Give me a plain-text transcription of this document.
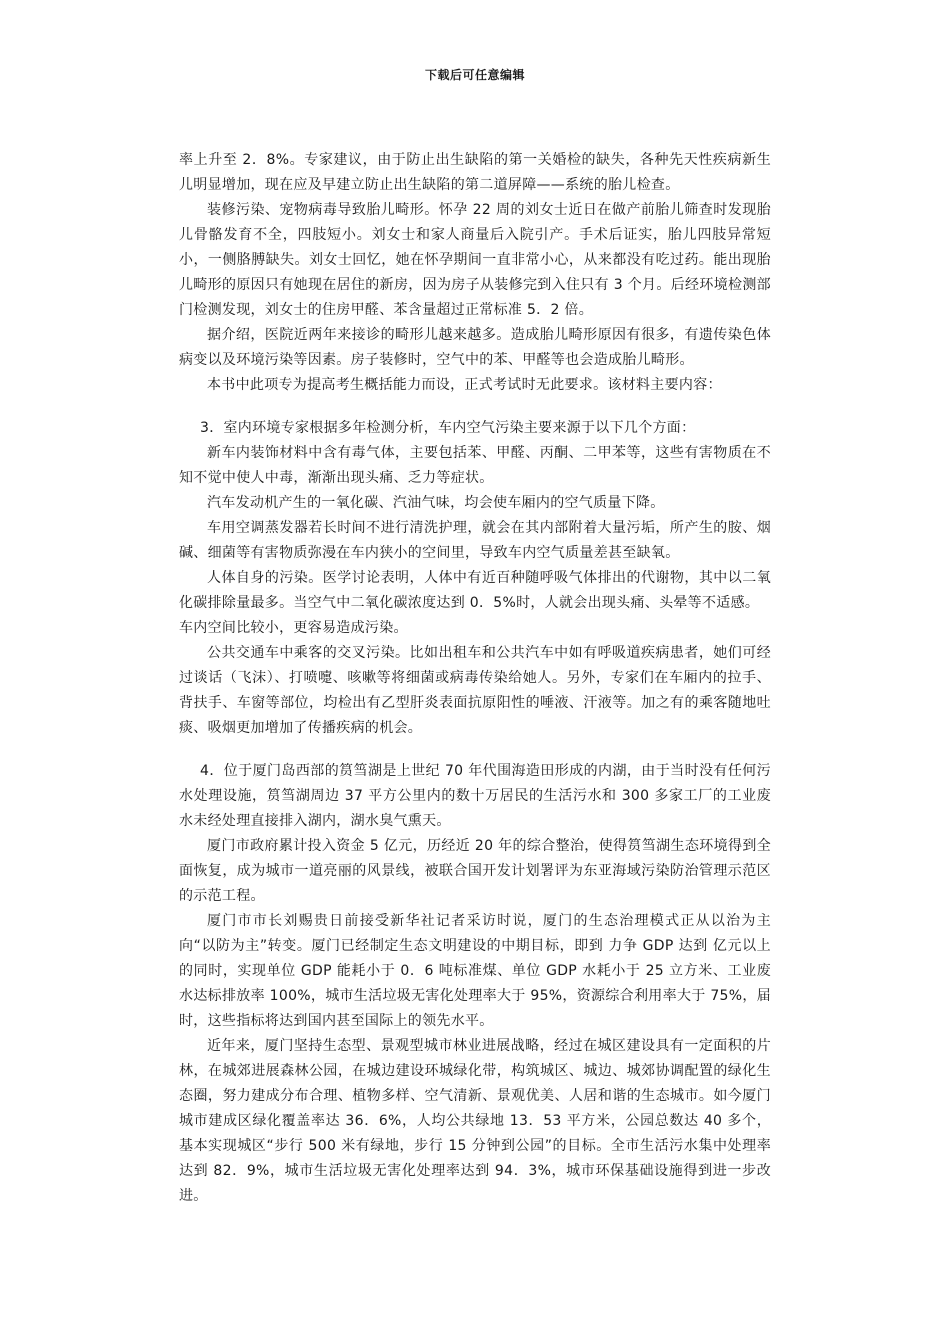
下载后可任意编辑

率上升至 2．8%。专家建议，由于防止出生缺陷的第一关婚检的缺失，各种先天性疾病新生儿明显增加，现在应及早建立防止出生缺陷的第二道屏障——系统的胎儿检查。

装修污染、宠物病毒导致胎儿畸形。怀孕 22 周的刘女士近日在做产前胎儿筛查时发现胎儿骨骼发育不全，四肢短小。刘女士和家人商量后入院引产。手术后证实，胎儿四肢异常短小，一侧胳膊缺失。刘女士回忆，她在怀孕期间一直非常小心，从来都没有吃过药。能出现胎儿畸形的原因只有她现在居住的新房，因为房子从装修完到入住只有 3 个月。后经环境检测部门检测发现，刘女士的住房甲醛、苯含量超过正常标准 5．2 倍。

据介绍，医院近两年来接诊的畸形儿越来越多。造成胎儿畸形原因有很多，有遗传染色体病变以及环境污染等因素。房子装修时，空气中的苯、甲醛等也会造成胎儿畸形。

本书中此项专为提高考生概括能力而设，正式考试时无此要求。该材料主要内容：

3．室内环境专家根据多年检测分析，车内空气污染主要来源于以下几个方面：

新车内装饰材料中含有毒气体，主要包括苯、甲醛、丙酮、二甲苯等，这些有害物质在不知不觉中使人中毒，渐渐出现头痛、乏力等症状。

汽车发动机产生的一氧化碳、汽油气味，均会使车厢内的空气质量下降。

车用空调蒸发器若长时间不进行清洗护理，就会在其内部附着大量污垢，所产生的胺、烟碱、细菌等有害物质弥漫在车内狭小的空间里，导致车内空气质量差甚至缺氧。

人体自身的污染。医学讨论表明，人体中有近百种随呼吸气体排出的代谢物，其中以二氧化碳排除量最多。当空气中二氧化碳浓度达到 0．5%时，人就会出现头痛、头晕等不适感。

车内空间比较小，更容易造成污染。

公共交通车中乘客的交叉污染。比如出租车和公共汽车中如有呼吸道疾病患者，她们可经过谈话（飞沫）、打喷嚏、咳嗽等将细菌或病毒传染给她人。另外，专家们在车厢内的拉手、背扶手、车窗等部位，均检出有乙型肝炎表面抗原阳性的唾液、汗液等。加之有的乘客随地吐痰、吸烟更加增加了传播疾病的机会。

4．位于厦门岛西部的筼筜湖是上世纪 70 年代围海造田形成的内湖，由于当时没有任何污水处理设施，筼筜湖周边 37 平方公里内的数十万居民的生活污水和 300 多家工厂的工业废水未经处理直接排入湖内，湖水臭气熏天。

厦门市政府累计投入资金 5 亿元，历经近 20 年的综合整治，使得筼筜湖生态环境得到全面恢复，成为城市一道亮丽的风景线，被联合国开发计划署评为东亚海域污染防治管理示范区的示范工程。

厦门市市长刘赐贵日前接受新华社记者采访时说，厦门的生态治理模式正从以治为主向“以防为主”转变。厦门已经制定生态文明建设的中期目标，即到 力争 GDP 达到 亿元以上的同时，实现单位 GDP 能耗小于 0．6 吨标准煤、单位 GDP 水耗小于 25 立方米、工业废水达标排放率 100%，城市生活垃圾无害化处理率大于 95%，资源综合利用率大于 75%，届时，这些指标将达到国内甚至国际上的领先水平。

近年来，厦门坚持生态型、景观型城市林业进展战略，经过在城区建设具有一定面积的片林，在城郊进展森林公园，在城边建设环城绿化带，构筑城区、城边、城郊协调配置的绿化生态圈，努力建成分布合理、植物多样、空气清新、景观优美、人居和谐的生态城市。如今厦门城市建成区绿化覆盖率达 36．6%，人均公共绿地 13．53 平方米，公园总数达 40 多个，基本实现城区“步行 500 米有绿地，步行 15 分钟到公园”的目标。全市生活污水集中处理率达到 82．9%，城市生活垃圾无害化处理率达到 94．3%，城市环保基础设施得到进一步改进。
